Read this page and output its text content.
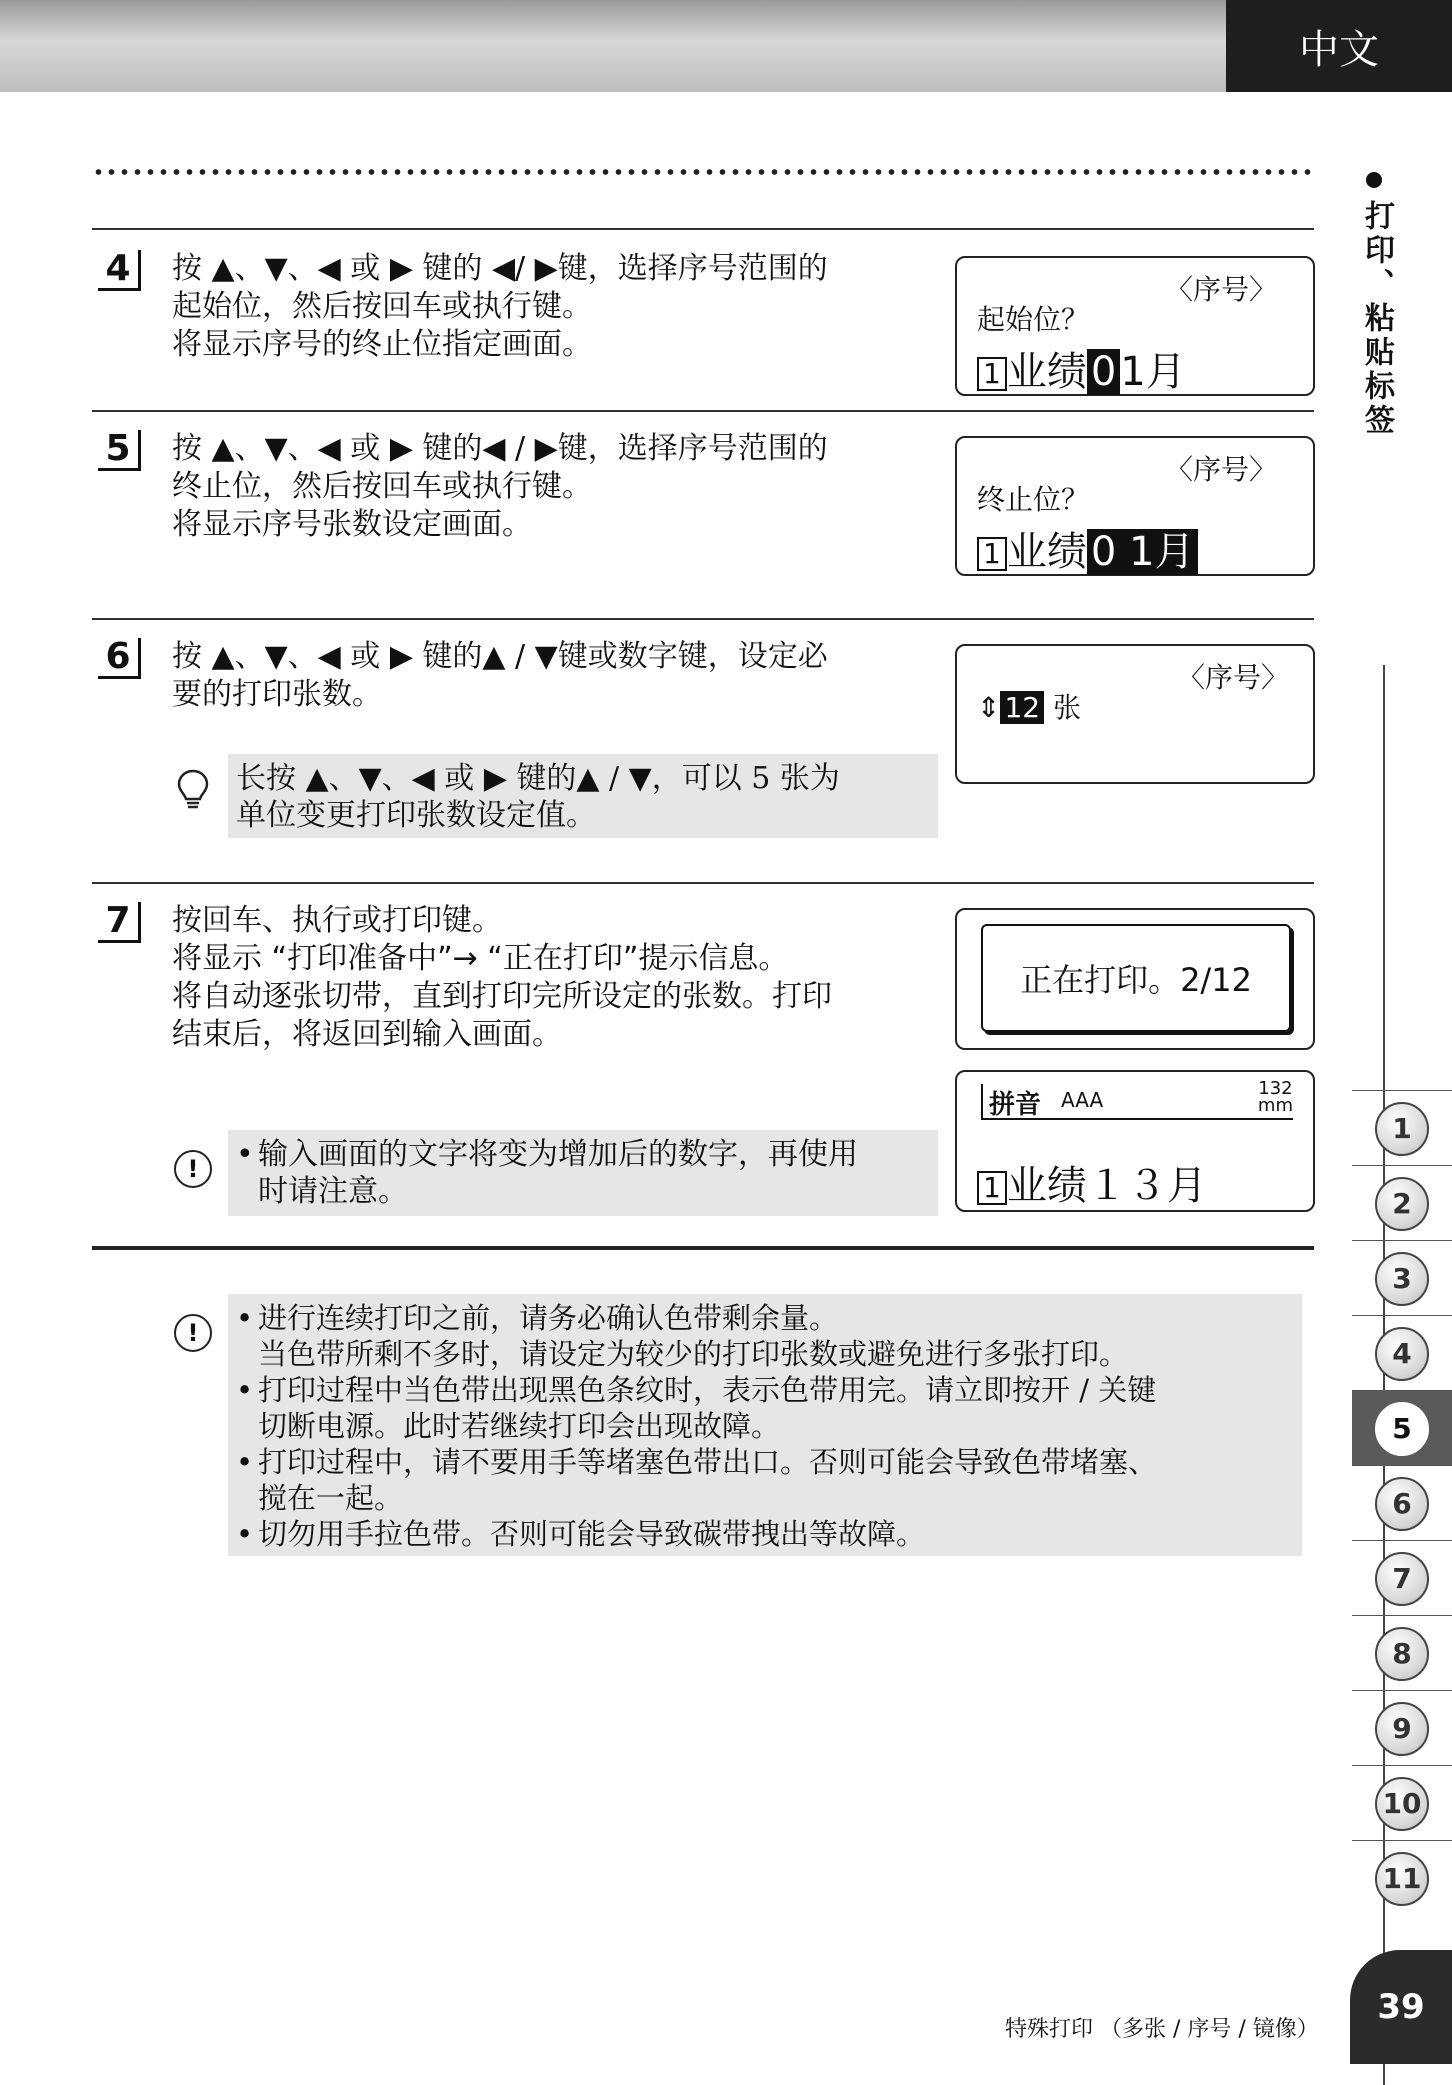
中文
4	按 ▲、▼、◀ 或 ▶ 键的 ◀/ ▶键，选择序号范围的

起始位，然后按回车或执行键。

将显示序号的终止位指定画面。

〈序号〉
起始位？
1 业绩 0 1月
5	按 ▲、▼、◀ 或 ▶ 键的◀ / ▶键，选择序号范围的

终止位，然后按回车或执行键。

将显示序号张数设定画面。

〈序号〉
终止位？
1 业绩 0 1月
6	按 ▲、▼、◀ 或 ▶ 键的▲ / ▼键或数字键，设定必

要的打印张数。

长按 ▲、▼、◀ 或 ▶ 键的▲ / ▼，可以 5 张为

单位变更打印张数设定值。

〈序号〉
⇕ 12 张
7	按回车、执行或打印键。

将显示 “打印准备中”→ “正在打印”提示信息。

将自动逐张切带，直到打印完所设定的张数。打印

结束后，将返回到输入画面。

正在打印。2/12
拼音 AAA	132
mm
1 业绩１３月
!	• 输入画面的文字将变为增加后的数字，再使用
时请注意。
!	• 进行连续打印之前，请务必确认色带剩余量。
当色带所剩不多时，请设定为较少的打印张数或避免进行多张打印。
• 打印过程中当色带出现黑色条纹时，表示色带用完。请立即按开 / 关键
切断电源。此时若继续打印会出现故障。
• 打印过程中，请不要用手等堵塞色带出口。否则可能会导致色带堵塞、
搅在一起。
• 切勿用手拉色带。否则可能会导致碳带拽出等故障。
打印、粘贴标签
1
2
3
4
5
6
7
8
9
10
11
特殊打印 （多张 / 序号 / 镜像）
39
